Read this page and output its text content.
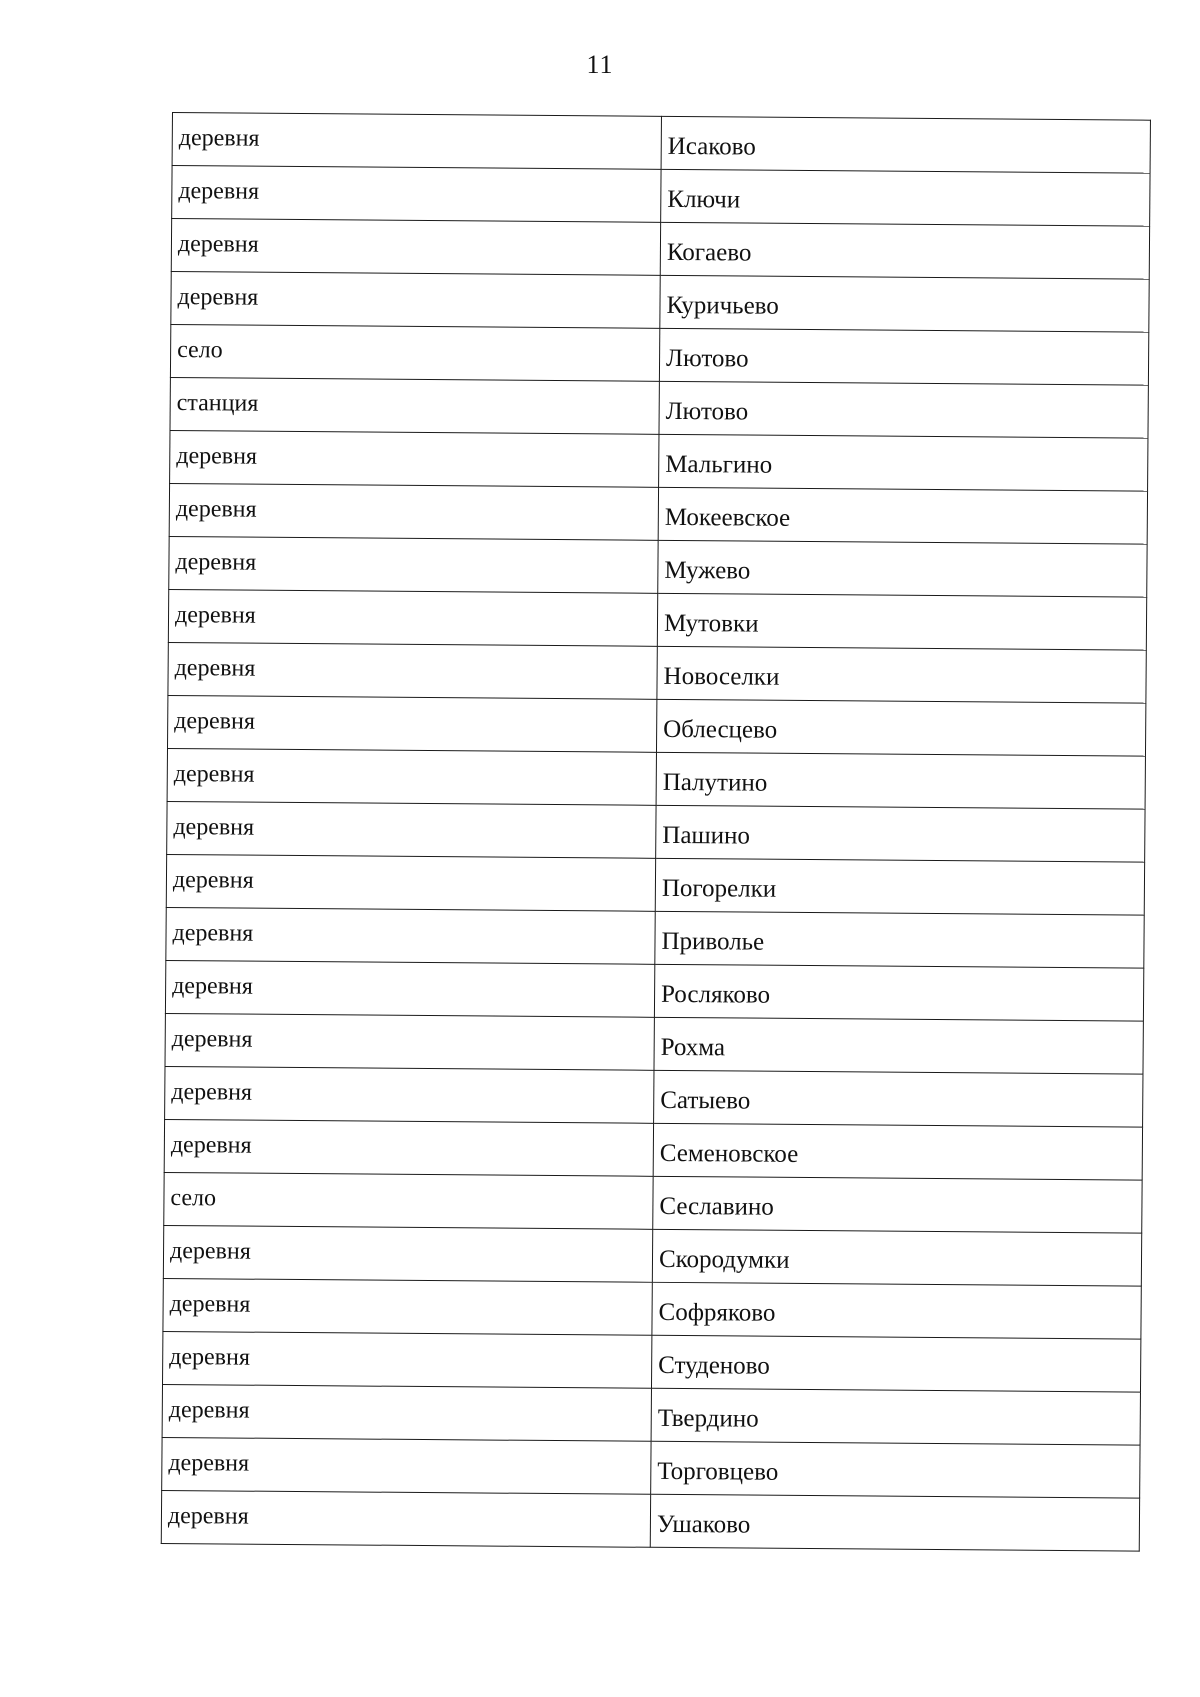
11
деревня	Исаково
деревня	Ключи
деревня	Когаево
деревня	Куричьево
село	Лютово
станция	Лютово
деревня	Мальгино
деревня	Мокеевское
деревня	Мужево
деревня	Мутовки
деревня	Новоселки
деревня	Облесцево
деревня	Палутино
деревня	Пашино
деревня	Погорелки
деревня	Приволье
деревня	Росляково
деревня	Рохма
деревня	Сатыево
деревня	Семеновское
село	Сеславино
деревня	Скородумки
деревня	Софряково
деревня	Студеново
деревня	Твердино
деревня	Торговцево
деревня	Ушаково
